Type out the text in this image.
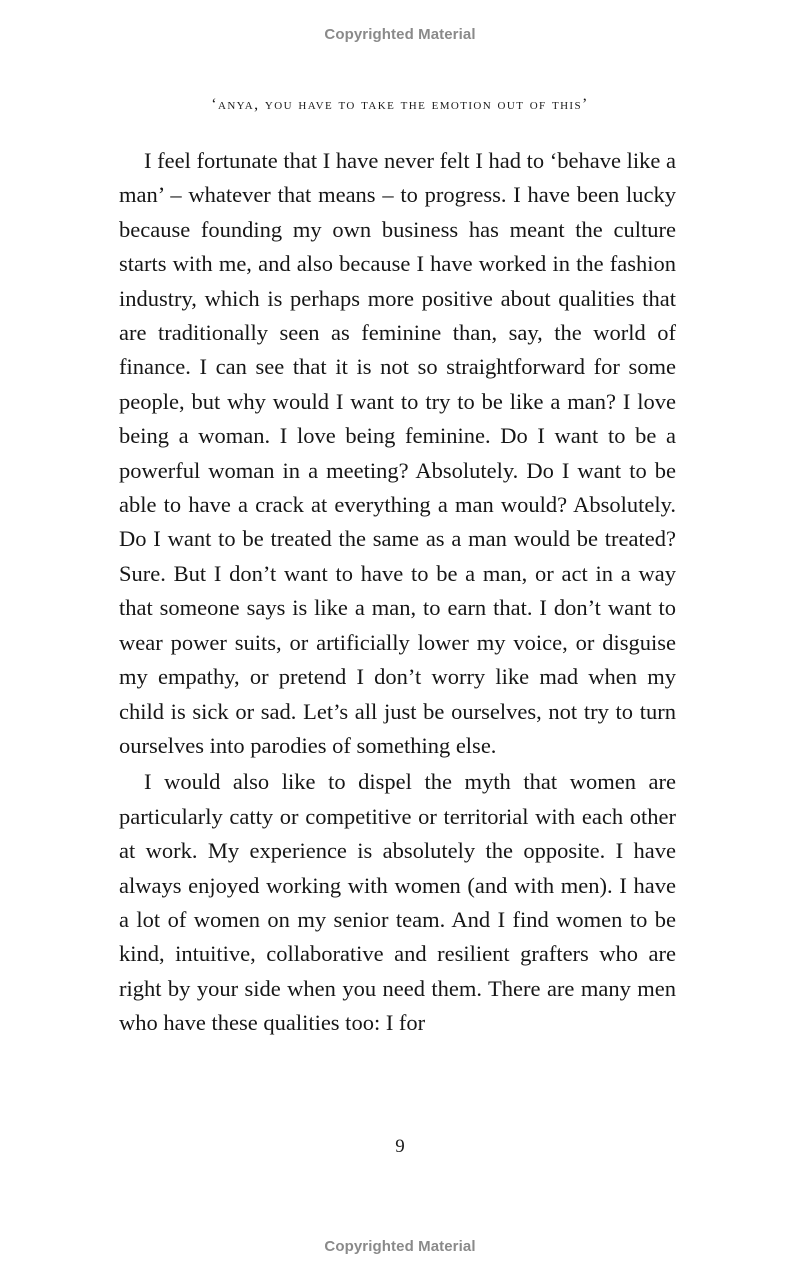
Copyrighted Material
‘anya, you have to take the emotion out of this’

I feel fortunate that I have never felt I had to ‘behave like a man’ – whatever that means – to progress. I have been lucky because founding my own business has meant the culture starts with me, and also because I have worked in the fashion industry, which is perhaps more positive about qualities that are traditionally seen as feminine than, say, the world of finance. I can see that it is not so straightforward for some people, but why would I want to try to be like a man? I love being a woman. I love being feminine. Do I want to be a powerful woman in a meeting? Absolutely. Do I want to be able to have a crack at everything a man would? Absolutely. Do I want to be treated the same as a man would be treated? Sure. But I don’t want to have to be a man, or act in a way that someone says is like a man, to earn that. I don’t want to wear power suits, or artificially lower my voice, or disguise my empathy, or pretend I don’t worry like mad when my child is sick or sad. Let’s all just be ourselves, not try to turn ourselves into parodies of something else.

I would also like to dispel the myth that women are particularly catty or competitive or territorial with each other at work. My experience is absolutely the opposite. I have always enjoyed working with women (and with men). I have a lot of women on my senior team. And I find women to be kind, intuitive, collaborative and resilient grafters who are right by your side when you need them. There are many men who have these qualities too: I for

9
Copyrighted Material
